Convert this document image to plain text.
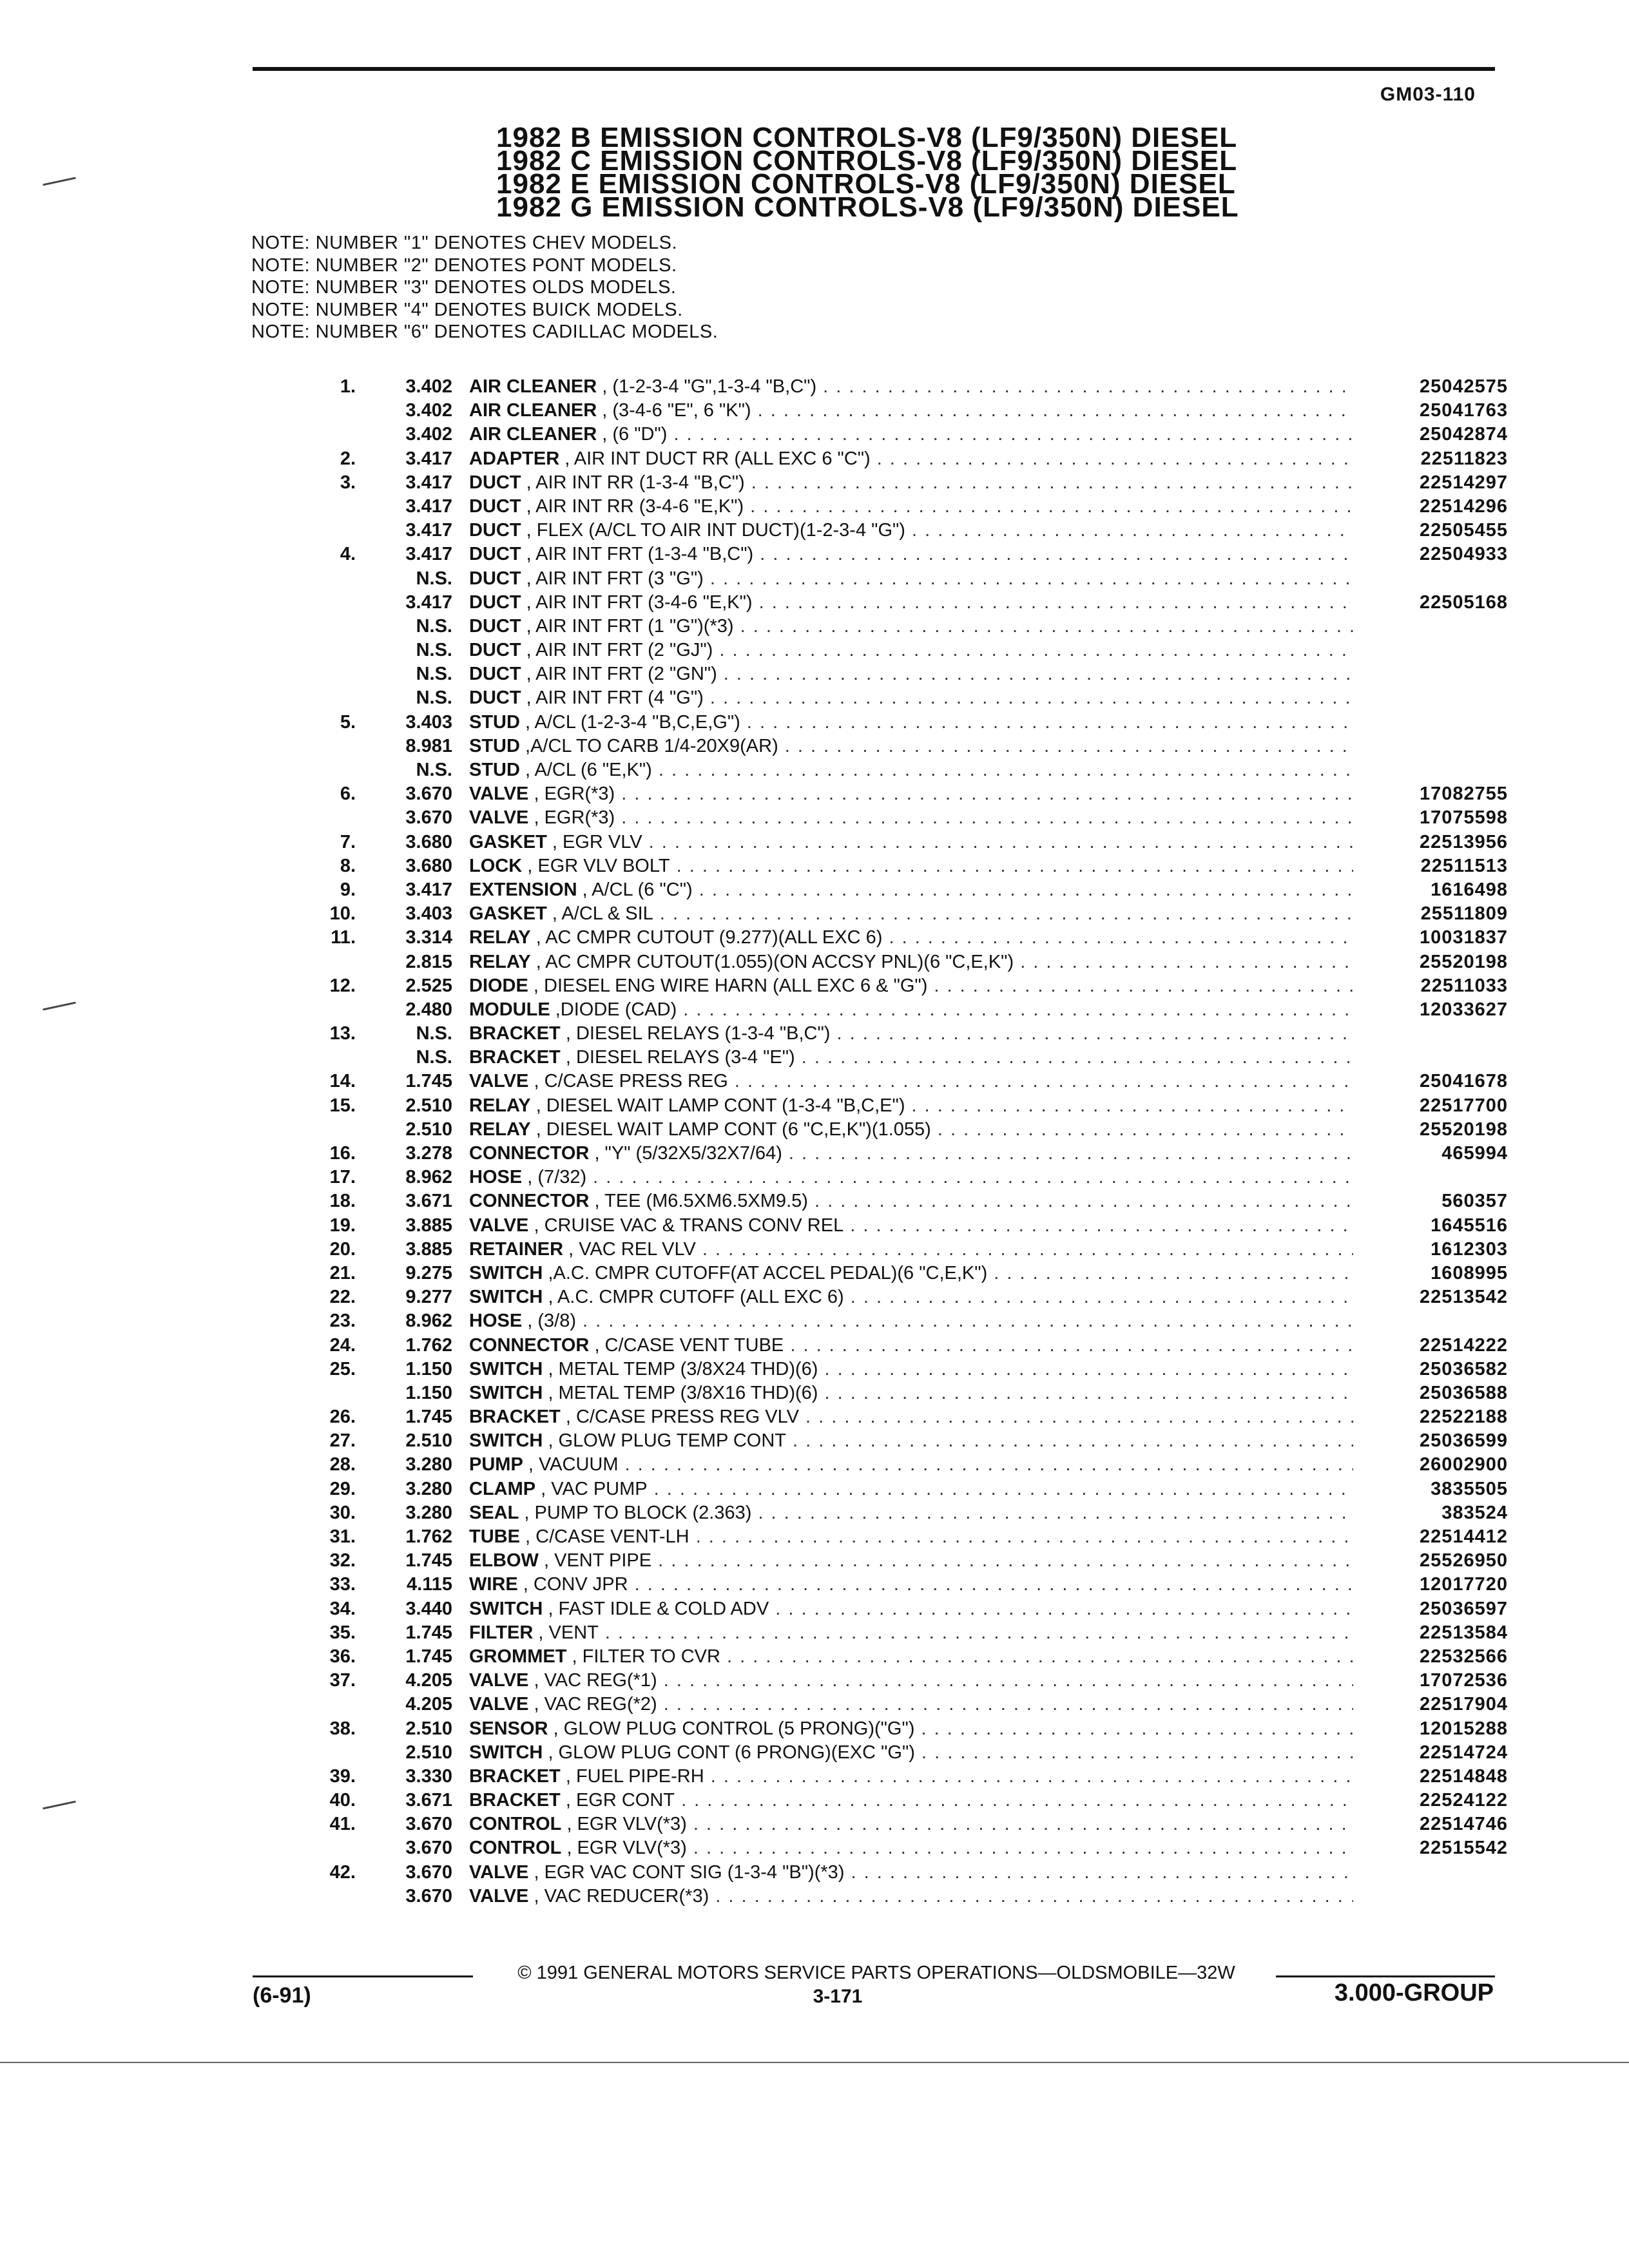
GM03-110
1982 B EMISSION CONTROLS-V8 (LF9/350N) DIESEL
1982 C EMISSION CONTROLS-V8 (LF9/350N) DIESEL
1982 E EMISSION CONTROLS-V8 (LF9/350N) DIESEL
1982 G EMISSION CONTROLS-V8 (LF9/350N) DIESEL
NOTE: NUMBER "1" DENOTES CHEV MODELS.
NOTE: NUMBER "2" DENOTES PONT MODELS.
NOTE: NUMBER "3" DENOTES OLDS MODELS.
NOTE: NUMBER "4" DENOTES BUICK MODELS.
NOTE: NUMBER "6" DENOTES CADILLAC MODELS.
1.	3.402 AIR CLEANER , (1-2-3-4 "G",1-3-4 "B,C") . . .	25042575
3.402 AIR CLEANER , (3-4-6 "E", 6 "K") . . .	25041763
3.402 AIR CLEANER , (6 "D") . . .	25042874
2.	3.417 ADAPTER , AIR INT DUCT RR (ALL EXC 6 "C") . . .	22511823
3.	3.417 DUCT , AIR INT RR (1-3-4 "B,C") . . .	22514297
3.417 DUCT , AIR INT RR (3-4-6 "E,K") . . .	22514296
3.417 DUCT , FLEX (A/CL TO AIR INT DUCT)(1-2-3-4 "G") . . .	22505455
4.	3.417 DUCT , AIR INT FRT (1-3-4 "B,C") . . .	22504933
N.S. DUCT , AIR INT FRT (3 "G") . . .
3.417 DUCT , AIR INT FRT (3-4-6 "E,K") . . .	22505168
N.S. DUCT , AIR INT FRT (1 "G")(*3) . . .
N.S. DUCT , AIR INT FRT (2 "GJ") . . .
N.S. DUCT , AIR INT FRT (2 "GN") . . .
N.S. DUCT , AIR INT FRT (4 "G") . . .
5.	3.403 STUD , A/CL (1-2-3-4 "B,C,E,G") . . .
8.981 STUD ,A/CL TO CARB 1/4-20X9(AR) . . .
N.S. STUD , A/CL (6 "E,K") . . .
6.	3.670 VALVE , EGR(*3) . . .	17082755
3.670 VALVE , EGR(*3) . . .	17075598
7.	3.680 GASKET , EGR VLV . . .	22513956
8.	3.680 LOCK , EGR VLV BOLT . . .	22511513
9.	3.417 EXTENSION , A/CL (6 "C") . . .	1616498
10.	3.403 GASKET , A/CL & SIL . . .	25511809
11.	3.314 RELAY , AC CMPR CUTOUT (9.277)(ALL EXC 6) . . .	10031837
2.815 RELAY , AC CMPR CUTOUT(1.055)(ON ACCSY PNL)(6 "C,E,K") . . .	25520198
12.	2.525 DIODE , DIESEL ENG WIRE HARN (ALL EXC 6 & "G") . . .	22511033
2.480 MODULE ,DIODE (CAD) . . .	12033627
13.	N.S. BRACKET , DIESEL RELAYS (1-3-4 "B,C") . . .
N.S. BRACKET , DIESEL RELAYS (3-4 "E") . . .
14.	1.745 VALVE , C/CASE PRESS REG . . .	25041678
15.	2.510 RELAY , DIESEL WAIT LAMP CONT (1-3-4 "B,C,E") . . .	22517700
2.510 RELAY , DIESEL WAIT LAMP CONT (6 "C,E,K")(1.055) . . .	25520198
16.	3.278 CONNECTOR , "Y" (5/32X5/32X7/64) . . .	465994
17.	8.962 HOSE , (7/32) . . .
18.	3.671 CONNECTOR , TEE (M6.5XM6.5XM9.5) . . .	560357
19.	3.885 VALVE , CRUISE VAC & TRANS CONV REL . . .	1645516
20.	3.885 RETAINER , VAC REL VLV . . .	1612303
21.	9.275 SWITCH ,A.C. CMPR CUTOFF(AT ACCEL PEDAL)(6 "C,E,K") . . .	1608995
22.	9.277 SWITCH , A.C. CMPR CUTOFF (ALL EXC 6) . . .	22513542
23.	8.962 HOSE , (3/8) . . .
24.	1.762 CONNECTOR , C/CASE VENT TUBE . . .	22514222
25.	1.150 SWITCH , METAL TEMP (3/8X24 THD)(6) . . .	25036582
1.150 SWITCH , METAL TEMP (3/8X16 THD)(6) . . .	25036588
26.	1.745 BRACKET , C/CASE PRESS REG VLV . . .	22522188
27.	2.510 SWITCH , GLOW PLUG TEMP CONT . . .	25036599
28.	3.280 PUMP , VACUUM . . .	26002900
29.	3.280 CLAMP , VAC PUMP . . .	3835505
30.	3.280 SEAL , PUMP TO BLOCK (2.363) . . .	383524
31.	1.762 TUBE , C/CASE VENT-LH . . .	22514412
32.	1.745 ELBOW , VENT PIPE . . .	25526950
33.	4.115 WIRE , CONV JPR . . .	12017720
34.	3.440 SWITCH , FAST IDLE & COLD ADV . . .	25036597
35.	1.745 FILTER , VENT . . .	22513584
36.	1.745 GROMMET , FILTER TO CVR . . .	22532566
37.	4.205 VALVE , VAC REG(*1) . . .	17072536
4.205 VALVE , VAC REG(*2) . . .	22517904
38.	2.510 SENSOR , GLOW PLUG CONTROL (5 PRONG)("G") . . .	12015288
2.510 SWITCH , GLOW PLUG CONT (6 PRONG)(EXC "G") . . .	22514724
39.	3.330 BRACKET , FUEL PIPE-RH . . .	22514848
40.	3.671 BRACKET , EGR CONT . . .	22524122
41.	3.670 CONTROL , EGR VLV(*3) . . .	22514746
3.670 CONTROL , EGR VLV(*3) . . .	22515542
42.	3.670 VALVE , EGR VAC CONT SIG (1-3-4 "B")(*3) . . .
3.670 VALVE , VAC REDUCER(*3) . . .
© 1991 GENERAL MOTORS SERVICE PARTS OPERATIONS—OLDSMOBILE—32W
(6-91)	3-171	3.000-GROUP
